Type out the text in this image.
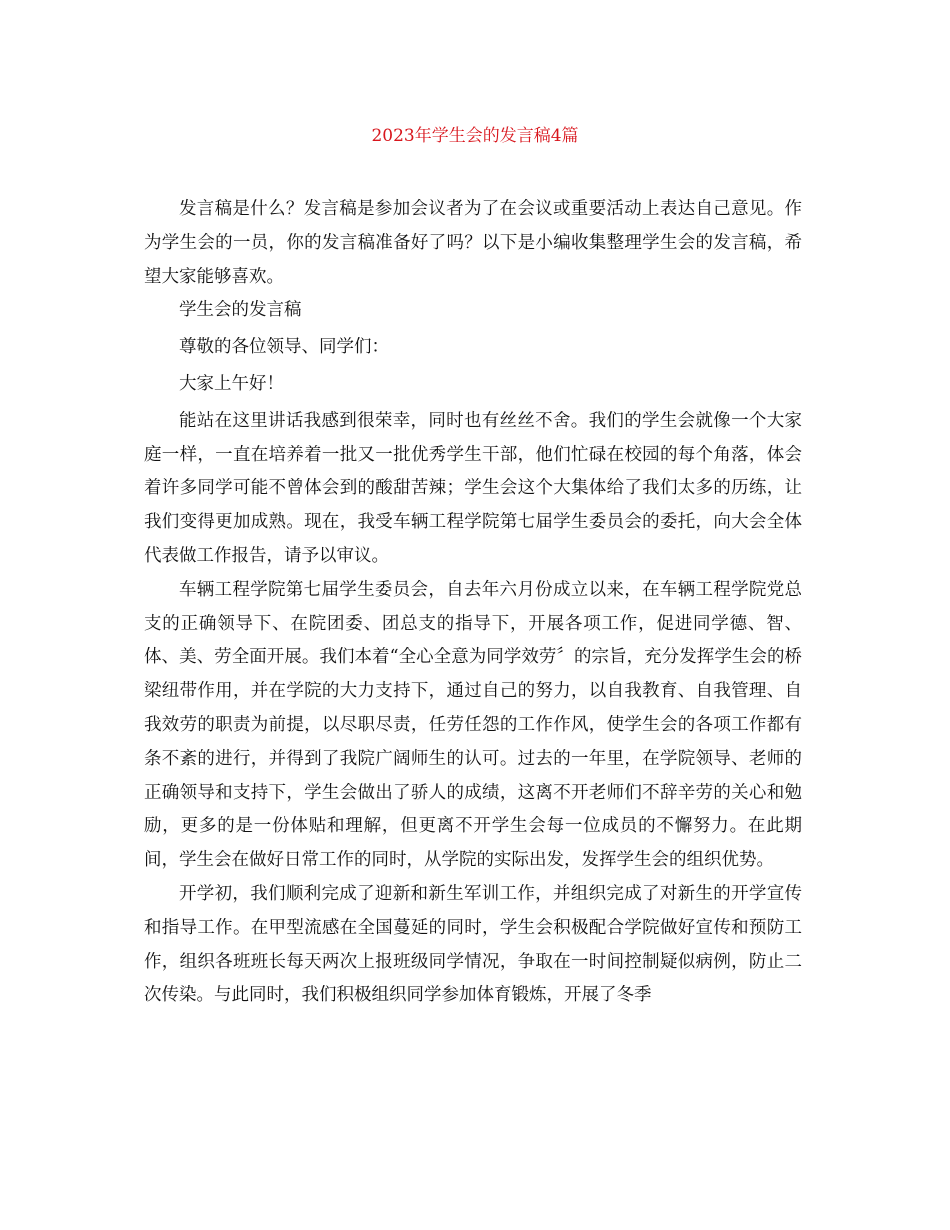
2023年学生会的发言稿4篇

发言稿是什么？发言稿是参加会议者为了在会议或重要活动上表达自己意见。作为学生会的一员，你的发言稿准备好了吗？以下是小编收集整理学生会的发言稿，希望大家能够喜欢。

学生会的发言稿

尊敬的各位领导、同学们：

大家上午好！

能站在这里讲话我感到很荣幸，同时也有丝丝不舍。我们的学生会就像一个大家庭一样，一直在培养着一批又一批优秀学生干部，他们忙碌在校园的每个角落，体会着许多同学可能不曾体会到的酸甜苦辣；学生会这个大集体给了我们太多的历练，让我们变得更加成熟。现在，我受车辆工程学院第七届学生委员会的委托，向大会全体代表做工作报告，请予以审议。

车辆工程学院第七届学生委员会，自去年六月份成立以来，在车辆工程学院党总支的正确领导下、在院团委、团总支的指导下，开展各项工作，促进同学德、智、体、美、劳全面开展。我们本着“全心全意为同学效劳〞的宗旨，充分发挥学生会的桥梁纽带作用，并在学院的大力支持下，通过自己的努力，以自我教育、自我管理、自我效劳的职责为前提，以尽职尽责，任劳任怨的工作作风，使学生会的各项工作都有条不紊的进行，并得到了我院广阔师生的认可。过去的一年里，在学院领导、老师的正确领导和支持下，学生会做出了骄人的成绩，这离不开老师们不辞辛劳的关心和勉励，更多的是一份体贴和理解，但更离不开学生会每一位成员的不懈努力。在此期间，学生会在做好日常工作的同时，从学院的实际出发，发挥学生会的组织优势。

开学初，我们顺利完成了迎新和新生军训工作，并组织完成了对新生的开学宣传和指导工作。在甲型流感在全国蔓延的同时，学生会积极配合学院做好宣传和预防工作，组织各班班长每天两次上报班级同学情况，争取在一时间控制疑似病例，防止二次传染。与此同时，我们积极组织同学参加体育锻炼，开展了冬季
